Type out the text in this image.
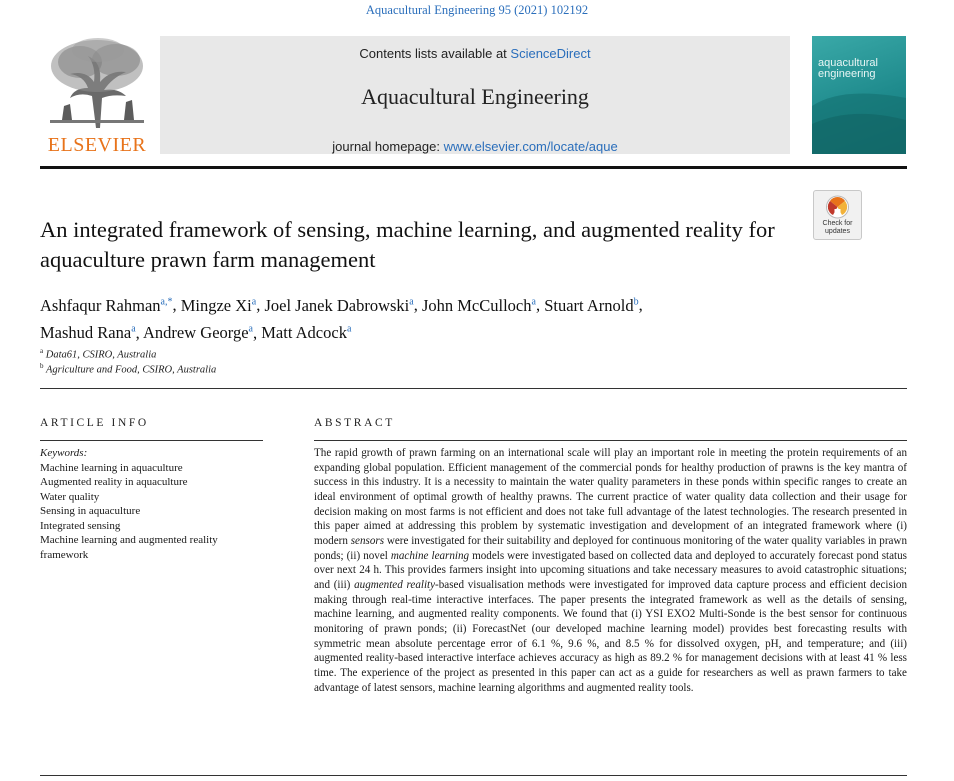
Aquacultural Engineering 95 (2021) 102192
ELSEVIER
Contents lists available at ScienceDirect
Aquacultural Engineering
journal homepage: www.elsevier.com/locate/aque
aquacultural
engineering
Check for
updates
An integrated framework of sensing, machine learning, and augmented reality for aquaculture prawn farm management
Ashfaqur Rahman$^{a,*}$, Mingze Xi$^a$, Joel Janek Dabrowski$^a$, John McCulloch$^a$, Stuart Arnold$^b$,
Mashud Rana$^a$, Andrew George$^a$, Matt Adcock$^a$
$^a$ Data61, CSIRO, Australia
$^b$ Agriculture and Food, CSIRO, Australia
ARTICLE INFO	ABSTRACT
Keywords:
Machine learning in aquaculture
Augmented reality in aquaculture
Water quality
Sensing in aquaculture
Integrated sensing
Machine learning and augmented reality framework
The rapid growth of prawn farming on an international scale will play an important role in meeting the protein requirements of an expanding global population. Efficient management of the commercial ponds for healthy production of prawns is the key mantra of success in this industry. It is a necessity to maintain the water quality parameters in these ponds within specific ranges to create an ideal environment of optimal growth of healthy prawns. The current practice of water quality data collection and their usage for decision making on most farms is not efficient and does not take full advantage of the latest technologies. The research presented in this paper aimed at addressing this problem by systematic investigation and development of an integrated framework where (i) modern sensors were investigated for their suitability and deployed for continuous monitoring of the water quality variables in prawn ponds; (ii) novel machine learning models were investigated based on collected data and deployed to accurately forecast pond status over next 24 h. This provides farmers insight into upcoming situations and take necessary measures to avoid catastrophic situations; and (iii) augmented reality-based visualisation methods were investigated for improved data capture process and efficient decision making through real-time interactive interfaces. The paper presents the integrated framework as well as the details of sensing, machine learning, and augmented reality components. We found that (i) YSI EXO2 Multi-Sonde is the best sensor for continuous monitoring of prawn ponds; (ii) ForecastNet (our developed machine learning model) provides best forecasting results with symmetric mean absolute percentage error of 6.1 %, 9.6 %, and 8.5 % for dissolved oxygen, pH, and temperature; and (iii) augmented reality-based interactive interface achieves accuracy as high as 89.2 % for management decisions with at least 41 % less time. The experience of the project as presented in this paper can act as a guide for researchers as well as prawn farmers to take advantage of latest sensors, machine learning algorithms and augmented reality tools.
